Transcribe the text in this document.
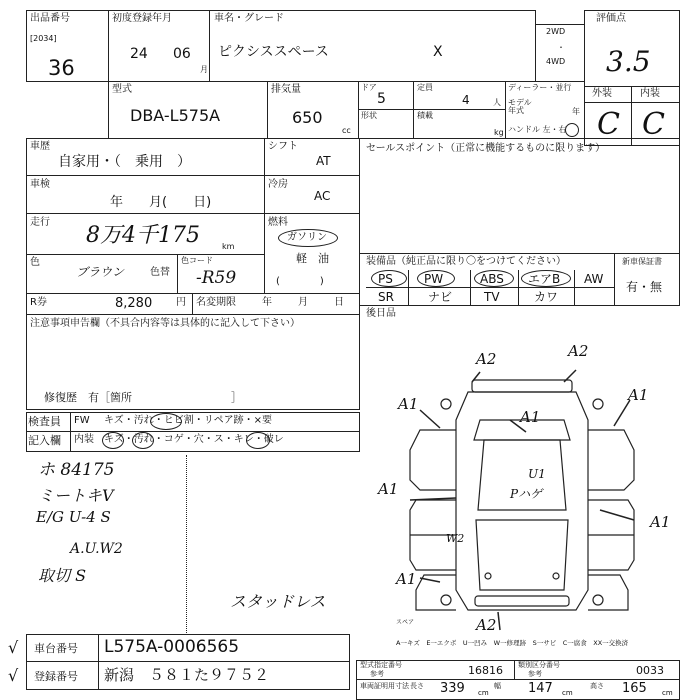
出品番号
[2034]
36
初度登録年月
24 06
月
車名・グレード
ピクシススペース	X
2WD
・
4WD
評価点
3.5
外装	内装
C C
型式
DBA-L575A
排気量
650
cc
ドア
5
定員
4	人
形状	積載
kg
ディーラー・並行
モデル年式	年
ハンドル 左・右
車歴
自家用・（　乗用　）
シフト
AT
車検
年　　月(　　日)
冷房
AC
走行
8万4千175	km
燃料
ガソリン
軽　油
色
ブラウン	色替
色コード
-R59	(　　　　)
R券	8,280 円 名変期限	年　　月　　日
注意事項申告欄（不具合内容等は具体的に記入して下さい）
修復歴　有［箇所　　　　　　　　　］
検査員 FW キズ・汚れ・ヒビ割・リペア跡・×要
記入欄 内装 キズ・汚れ・コゲ・穴・ス・キレ・破レ
ホ 84175
ミートキV
E/G U-4 S
A.U.W2
取切 S
スタッドレス
セールスポイント（正常に機能するものに限ります）
装備品（純正品に限り〇をつけてください）	新車保証書
有・無
PS	PW	ABS エアB AW
SR	ナビ	TV	カワ
後日品
A2	A2
A1	A1
A1
U1
Pハゲ
A1
A1
W2
A1
A2
スペア
A一キズ　E一エクボ　U一凹み　W一修理跡　S一サビ　C一腐食　XX一交換済
車台番号 L575A-0006565
登録番号 新潟　５８１た９７５２
型式指定番号
参考	16816 類別区分番号
参考	0033
車両証明用寸法 長さ 339 cm
幅 147 cm
高さ 165 cm
√
√
